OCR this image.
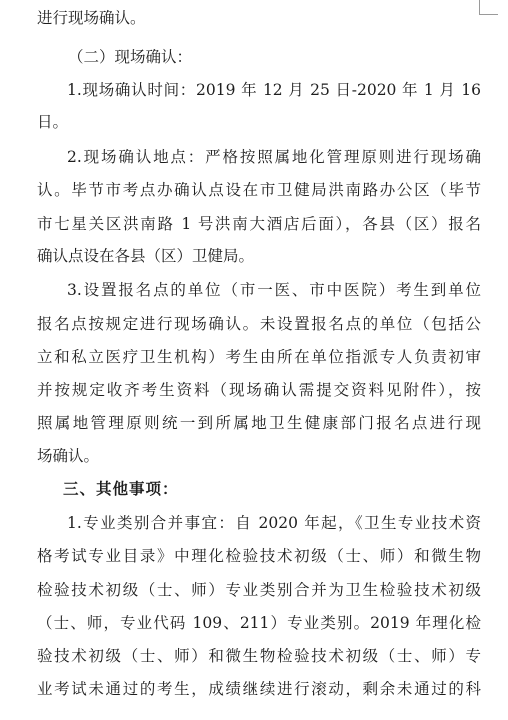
进行现场确认。
（二）现场确认：
1.现场确认时间：2019 年 12 月 25 日-2020 年 1 月 16
日。
2.现场确认地点：严格按照属地化管理原则进行现场确
认。毕节市考点办确认点设在市卫健局洪南路办公区（毕节
市七星关区洪南路 1 号洪南大酒店后面），各县（区）报名
确认点设在各县（区）卫健局。
3.设置报名点的单位（市一医、市中医院）考生到单位
报名点按规定进行现场确认。未设置报名点的单位（包括公
立和私立医疗卫生机构）考生由所在单位指派专人负责初审
并按规定收齐考生资料（现场确认需提交资料见附件），按
照属地管理原则统一到所属地卫生健康部门报名点进行现
场确认。
三、其他事项：
1.专业类别合并事宜：自 2020 年起，《卫生专业技术资
格考试专业目录》中理化检验技术初级（士、师）和微生物
检验技术初级（士、师）专业类别合并为卫生检验技术初级
（士、师，专业代码 109、211）专业类别。2019 年理化检
验技术初级（士、师）和微生物检验技术初级（士、师）专
业考试未通过的考生，成绩继续进行滚动，剩余未通过的科
